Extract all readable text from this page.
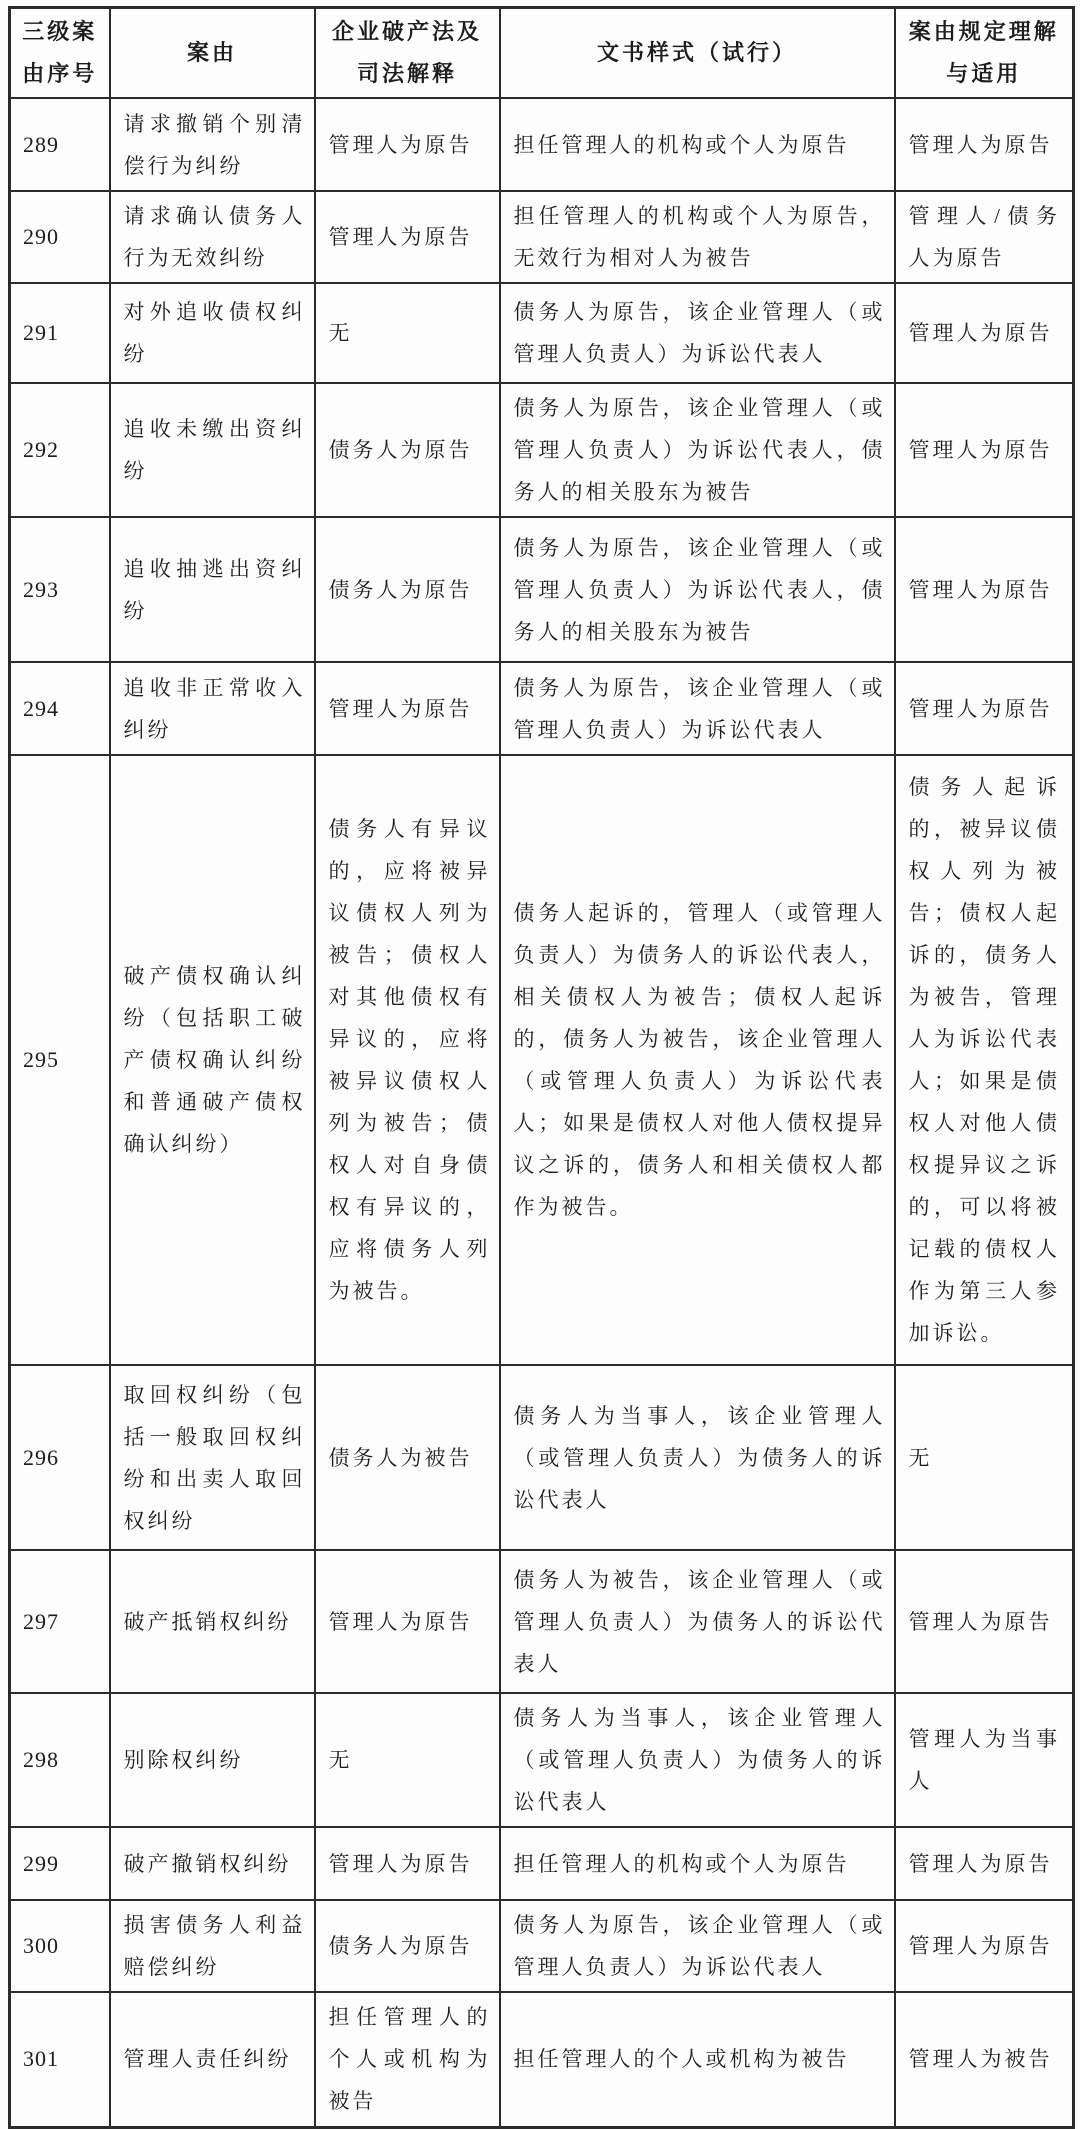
三级案由序号	案由	企业破产法及司法解释	文书样式（试行）	案由规定理解与适用
289	请求撤销个别清偿行为纠纷	管理人为原告	担任管理人的机构或个人为原告	管理人为原告
290	请求确认债务人行为无效纠纷	管理人为原告	担任管理人的机构或个人为原告，无效行为相对人为被告	管理人/债务人为原告
291	对外追收债权纠纷	无	债务人为原告，该企业管理人（或管理人负责人）为诉讼代表人	管理人为原告
292	追收未缴出资纠纷	债务人为原告	债务人为原告，该企业管理人（或管理人负责人）为诉讼代表人，债务人的相关股东为被告	管理人为原告
293	追收抽逃出资纠纷	债务人为原告	债务人为原告，该企业管理人（或管理人负责人）为诉讼代表人，债务人的相关股东为被告	管理人为原告
294	追收非正常收入纠纷	管理人为原告	债务人为原告，该企业管理人（或管理人负责人）为诉讼代表人	管理人为原告
295	破产债权确认纠纷（包括职工破产债权确认纠纷和普通破产债权确认纠纷）	债务人有异议的，应将被异议债权人列为被告；债权人对其他债权有异议的，应将被异议债权人列为被告；债权人对自身债权有异议的，应将债务人列为被告。	债务人起诉的，管理人（或管理人负责人）为债务人的诉讼代表人，相关债权人为被告；债权人起诉的，债务人为被告，该企业管理人（或管理人负责人）为诉讼代表人；如果是债权人对他人债权提异议之诉的，债务人和相关债权人都作为被告。	债务人起诉的，被异议债权人列为被告；债权人起诉的，债务人为被告，管理人为诉讼代表人；如果是债权人对他人债权提异议之诉的，可以将被记载的债权人作为第三人参加诉讼。
296	取回权纠纷（包括一般取回权纠纷和出卖人取回权纠纷	债务人为被告	债务人为当事人，该企业管理人（或管理人负责人）为债务人的诉讼代表人	无
297	破产抵销权纠纷	管理人为原告	债务人为被告，该企业管理人（或管理人负责人）为债务人的诉讼代表人	管理人为原告
298	别除权纠纷	无	债务人为当事人，该企业管理人（或管理人负责人）为债务人的诉讼代表人	管理人为当事人
299	破产撤销权纠纷	管理人为原告	担任管理人的机构或个人为原告	管理人为原告
300	损害债务人利益赔偿纠纷	债务人为原告	债务人为原告，该企业管理人（或管理人负责人）为诉讼代表人	管理人为原告
301	管理人责任纠纷	担任管理人的个人或机构为被告	担任管理人的个人或机构为被告	管理人为被告
